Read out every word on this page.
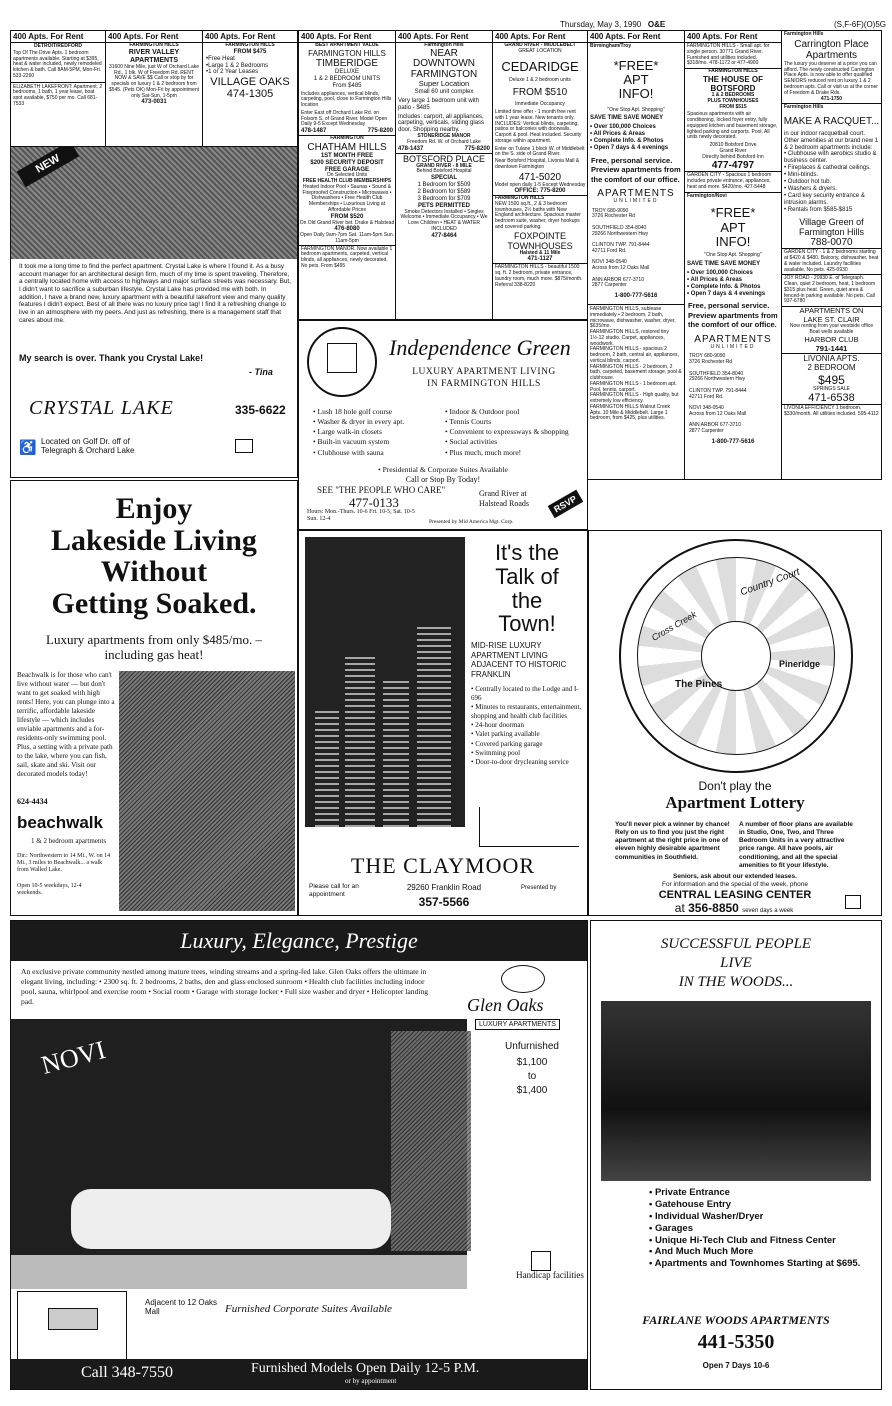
Thursday, May 3, 1990 O&E	(S,F-6F)(O)5G
400 Apts. For Rent
DETROIT/REDFORD
Top Of The Drive Apts. 1 bedroom apartments available. Starting at $395, heat & water included, newly remodeled kitchen & bath. Call 8AM-5PM, Mon-Fri. 533-2260
ELIZABETH LAKEFRONT: Apartment, 2 bedrooms, 1 bath, 1 year lease, boat spot available, $750 per mo. Call 681-7533
400 Apts. For Rent
FARMINGTON HILLS
RIVER VALLEY APARTMENTS
31600 Nine Mile, just W of Orchard Lake Rd., 1 blk. W of Freedom Rd. RENT NOW & SAVE $$ Call or stop by for specials on luxury 1 & 2 bedroom from $545. (Pets OK) Mon-Fri by appointment only Sat-Sun, 1-5pm
473-0031
400 Apts. For Rent
FARMINGTON HILLS
FROM $475
•Free Heat
•Large 1 & 2 Bedrooms
•1 or 2 Year Leases
VILLAGE OAKS
474-1305
NEW
It took me a long time to find the perfect apartment. Crystal Lake is where I found it. As a busy account manager for an architectural design firm, much of my time is spent traveling. Therefore, a centrally located home with access to highways and major surface streets was necessary. But, I didn't want to sacrifice a suburban lifestyle. Crystal Lake has provided me with both. In addition, I have a brand new, luxury apartment with a beautiful lakefront view and many quality features I didn't expect. Best of all there was no luxury price tag! I find it a refreshing change to live in an atmosphere with my peers. And just as refreshing, there is a management staff that cares about me.
My search is over. Thank you Crystal Lake!
- Tina
CRYSTAL LAKE	335-6622
Located on Golf Dr. off of
Telegraph & Orchard Lake
♿
400 Apts. For Rent
BEST APARTMENT VALUE
FARMINGTON HILLS
TIMBERIDGE
DELUXE
1 & 2 BEDROOM UNITS
From $485
Includes appliances, vertical blinds, carpeting, pool, close to Farmington Hills location
Enter East off Orchard Lake Rd. on Folsom S. of Grand River. Model Open Daily 9-5 Except Wednesday
478-1487	775-8200
FARMINGTON
CHATHAM HILLS
1ST MONTH FREE
$200 SECURITY DEPOSIT
FREE GARAGE
On Selected Units
FREE HEALTH CLUB MEMBERSHIPS
Heated Indoor Pool • Saunas • Sound & Fireproofed Construction • Microwaves • Dishwashers • Free Health Club Memberships • Luxurious Living at Affordable Prices
FROM $520
On Old Grand River bet. Drake & Halstead
476-8080
Open Daily 9am-7pm Sat. 11am-5pm Sun. 11am-5pm
FARMINGTON MANOR. Now available 1 bedroom apartments, carpeted, vertical blinds, all appliances, newly decorated. No pets. From $495
400 Apts. For Rent
Farmington Hills
NEAR
DOWNTOWN
FARMINGTON
Super Location
Small 60 unit complex
Very large 1 bedroom unit with patio - $485
Includes: carport, all appliances, carpeting, verticals, sliding glass door. Shopping nearby.
STONERIDGE MANOR
Freedom Rd. W. of Orchard Lake
478-1437	775-8200
BOTSFORD PLACE
GRAND RIVER - 8 MILE
Behind Botsford Hospital
SPECIAL
1 Bedroom for $509
2 Bedroom for $589
3 Bedroom for $709
PETS PERMITTED
Smoke Detectors Installed • Singles Welcome • Immediate Occupancy • We Love Children • HEAT & WATER INCLUDED
477-8464
400 Apts. For Rent
GRAND RIVER - MIDDLEBELT
GREAT LOCATION
CEDARIDGE
Deluxe 1 & 2 bedroom units
FROM $510
Immediate Occupancy
Limited time offer - 1 month free rent with 1 year lease. New tenants only. INCLUDES: Vertical blinds, carpeting, patios or balconies with doorwalls. Carport & pool. Heat included. Security storage within apartment.
Enter on Tulane 1 block W. of Middlebelt on the S. side of Grand River.
Near Botsford Hospital, Livonia Mall & downtown Farmington
471-5020
Model open daily 1-5 Except Wednesday
OFFICE: 775-8200
FARMINGTON HILLS
NEW 1500 sq.ft., 2 & 3 bedroom townhouses, 2½ baths with New England architecture. Spacious master bedroom suite, washer, dryer hookups and covered parking.
FOXPOINTE TOWNHOUSES
Halsted & 11 Mile
471-1127
FARMINGTON HILLS - beautiful 1500 sq. ft. 2 bedroom, private entrance, laundry room, much more. $875/month. Referral 338-8220
400 Apts. For Rent
Birmingham/Troy
*FREE*
APT
INFO!
"One Stop Apt. Shopping"
SAVE TIME SAVE MONEY
• Over 100,000 Choices
• All Prices & Areas
• Complete Info. & Photos
• Open 7 days & 4 evenings
Free, personal service. Preview apartments from the comfort of our office.
APARTMENTS
UNLIMITED
TROY 680-9090
3726 Rochester Rd

SOUTHFIELD 354-8040
29266 Northwestern Hwy

CLINTON TWP. 791-8444
42711 Ford Rd.

NOVI 348-0540
Across from 12 Oaks Mall

ANN ARBOR 677-3710
2877 Carpenter
1-800-777-5616
FARMINGTON HILLS, sublease immediately • 2 bedroom, 2 bath, microwave, dishwasher, washer, dryer, $635/mo.
FARMINGTON HILLS, restored tiny 1½-12 studio. Carpet, appliances, woodwork.
FARMINGTON HILLS - spacious 2 bedroom, 2 bath, central air, appliances, vertical blinds, carport.
FARMINGTON HILLS - 2 bedroom, 2 bath, carpeted, basement storage, pool & clubhouse.
FARMINGTON HILLS - 1 bedroom apt. Pool, tennis, carport.
FARMINGTON HILLS - High quality, but extremely low efficiency.
FARMINGTON HILLS Walnut Creek Apts. 10 Mile & Middlebelt. Large 1 bedroom, from $425, plus utilities.
400 Apts. For Rent
FARMINGTON HILLS - Small apt. for single person. 30771 Grand River. Furnished and utilities included. $318/mo. 478-1172 or 477-4900
FARMINGTON HILLS
THE HOUSE OF
BOTSFORD
1 & 2 BEDROOMS
PLUS TOWNHOUSES
FROM $515
Spacious apartments with air conditioning, locked foyer entry, fully equipped kitchen and basement storage, lighted parking and carports. Pool. All units newly decorated.
20810 Botsford Drive
Grand River
Directly behind Botsford Inn
477-4797
GARDEN CITY - Spacious 1 bedroom includes private entrance, appliances, heat and more. $420/mo. 427-5448
Farmington/Novi
*FREE*
APT
INFO!
"One Stop Apt. Shopping"
SAVE TIME SAVE MONEY
• Over 100,000 Choices
• All Prices & Areas
• Complete Info. & Photos
• Open 7 days & 4 evenings
Free, personal service. Preview apartments from the comfort of our office.
APARTMENTS
UNLIMITED
TROY 680-9090
3726 Rochester Rd

SOUTHFIELD 354-8040
29266 Northwestern Hwy

CLINTON TWP. 791-8444
42711 Ford Rd.

NOVI 348-0540
Across from 12 Oaks Mall

ANN ARBOR 677-3710
2877 Carpenter
1-800-777-5616
Farmington Hills
Carrington Place Apartments
The luxury you deserve at a price you can afford. The newly constructed Carrington Place Apts. is now able to offer qualified SENIORS reduced rent on luxury 1 & 2 bedroom apts. Call or visit us at the corner of Freedom & Drake Rds.
471-1750
Farmington Hills
MAKE A RACQUET...
in our indoor racquetball court. Other amenities at our brand new 1 & 2 bedroom apartments include:
• Clubhouse with aerobics studio & business center.
• Fireplaces & cathedral ceilings.
• Mini-blinds.
• Outdoor hot tub.
• Washers & dryers.
• Card key security entrance & intrusion alarms.
• Rentals from $585-$815
Village Green of Farmington Hills
788-0070
GARDEN CITY - 1 & 2 bedrooms starting at $420 & $480. Balcony, dishwasher, heat & water included. Laundry facilities available. No pets. 425-0930
JOY ROAD - 20930 E. of Telegraph. Clean, quiet 2 bedroom, heat, 1 bedroom $315 plus heat. Green, quiet area & fenced-in parking available. No pets. Call 937-6780
APARTMENTS ON
LAKE ST. CLAIR
Now renting from your westside office
Boat wells available
HARBOR CLUB
791-1441
LIVONIA APTS.
2 BEDROOM
$495
SPRINGS SALE
471-6538
LIVONIA EFFICIENCY 1 bedroom, $330/month. All utilities included. 595-4112
Independence Green
LUXURY APARTMENT LIVING
IN FARMINGTON HILLS
• Lush 18 hole golf course
• Washer & dryer in every apt.
• Large walk-in closets
• Built-in vacuum system
• Clubhouse with sauna
• Indoor & Outdoor pool
• Tennis Courts
• Convenient to expressways & shopping
• Social activities
• Plus much, much more!
• Presidential & Corporate Suites Available
Call or Stop By Today!
SEE "THE PEOPLE WHO CARE"
477-0133
Grand River at
Halstead Roads	RSVP
Hours: Mon.-Thurs. 10-6 Fri. 10-5, Sat. 10-5 Sun. 12-4
Presented by Mid America Mgt. Corp.
Enjoy
Lakeside Living
Without
Getting Soaked.
Luxury apartments from only $485/mo. –
including gas heat!
Beachwalk is for those who can't live without water — but don't want to get soaked with high rents! Here, you can plunge into a terrific, affordable lakeside lifestyle — which includes enviable apartments and a for-residents-only swimming pool. Plus, a setting with a private path to the lake, where you can fish, sail, skate and ski. Visit our decorated models today!
624-4434
beachwalk
1 & 2 bedroom apartments
Dir.: Northwestern to 14 Mi., W. on 14 Mi., 3 miles to Beachwalk... a walk from Walled Lake.
Open 10-5 weekdays, 12-4 weekends.
It's the
Talk of
the
Town!
MID-RISE LUXURY APARTMENT LIVING ADJACENT TO HISTORIC FRANKLIN
• Centrally located to the Lodge and I-696
• Minutes to restaurants, entertainment, shopping and health club facilities
• 24-hour doorman
• Valet parking available
• Covered parking garage
• Swimming pool
• Door-to-door drycleaning service
THE CLAYMOOR
Please call for an appointment
29260 Franklin Road
357-5566
Presented by
Country Court
Pineridge
The Pines
Cross Creek
Don't play the
Apartment Lottery
You'll never pick a winner by chance! Rely on us to find you just the right apartment at the right price in one of eleven highly desirable apartment communities in Southfield.
A number of floor plans are available in Studio, One, Two, and Three Bedroom Units in a very attractive price range. All have pools, air conditioning, and all the special amenities to fit your lifestyle.
Seniors, ask about our extended leases.
For information and the special of the week, phone
CENTRAL LEASING CENTER
at 356-8850 seven days a week
Luxury, Elegance, Prestige
An exclusive private community nestled among mature trees, winding streams and a spring-fed lake. Glen Oaks offers the ultimate in elegant living, including: • 2300 sq. ft. 2 bedrooms, 2 baths, den and glass enclosed sunroom • Health club facilities including indoor pool, sauna, whirlpool and exercise room • Social room • Garage with storage locker • Full size washer and dryer • Helicopter landing pad.	Glen Oaks
LUXURY APARTMENTS
NOVI	Unfurnished
$1,100
to
$1,400
Adjacent to 12 Oaks Mall	Furnished Corporate Suites Available
Handicap facilities
Call 348-7550	Furnished Models Open Daily 12-5 P.M.
or by appointment
SUCCESSFUL PEOPLE
LIVE
IN THE WOODS...
• Private Entrance
• Gatehouse Entry
• Individual Washer/Dryer
• Garages
• Unique Hi-Tech Club and Fitness Center
• And Much Much More
• Apartments and Townhomes Starting at $695.
FAIRLANE WOODS APARTMENTS
441-5350
Open 7 Days 10-6
